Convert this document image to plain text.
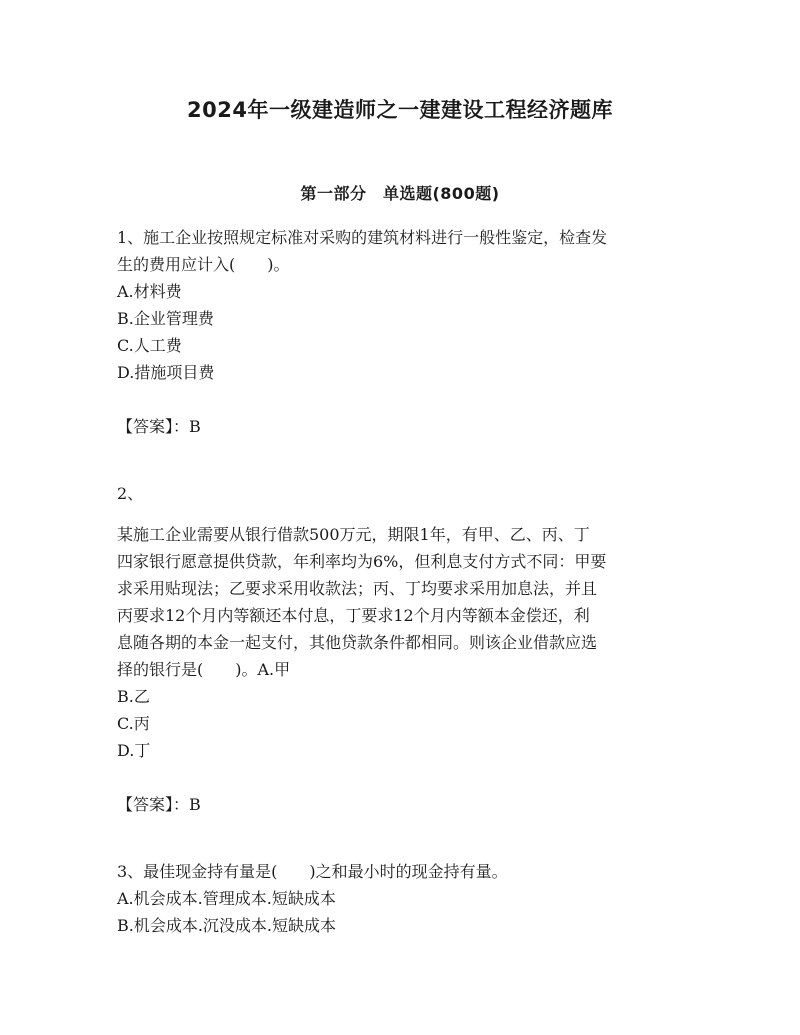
2024年一级建造师之一建建设工程经济题库
第一部分　单选题(800题)

1、施工企业按照规定标准对采购的建筑材料进行一般性鉴定，检查发

生的费用应计入(　　)。

A.材料费

B.企业管理费

C.人工费

D.措施项目费

【答案】：B

2、

某施工企业需要从银行借款500万元，期限1年，有甲、乙、丙、丁

四家银行愿意提供贷款，年利率均为6%，但利息支付方式不同：甲要

求采用贴现法；乙要求采用收款法；丙、丁均要求采用加息法，并且

丙要求12个月内等额还本付息，丁要求12个月内等额本金偿还，利

息随各期的本金一起支付，其他贷款条件都相同。则该企业借款应选

择的银行是(　　)。A.甲

B.乙

C.丙

D.丁

【答案】：B

3、最佳现金持有量是(　　)之和最小时的现金持有量。

A.机会成本.管理成本.短缺成本

B.机会成本.沉没成本.短缺成本
